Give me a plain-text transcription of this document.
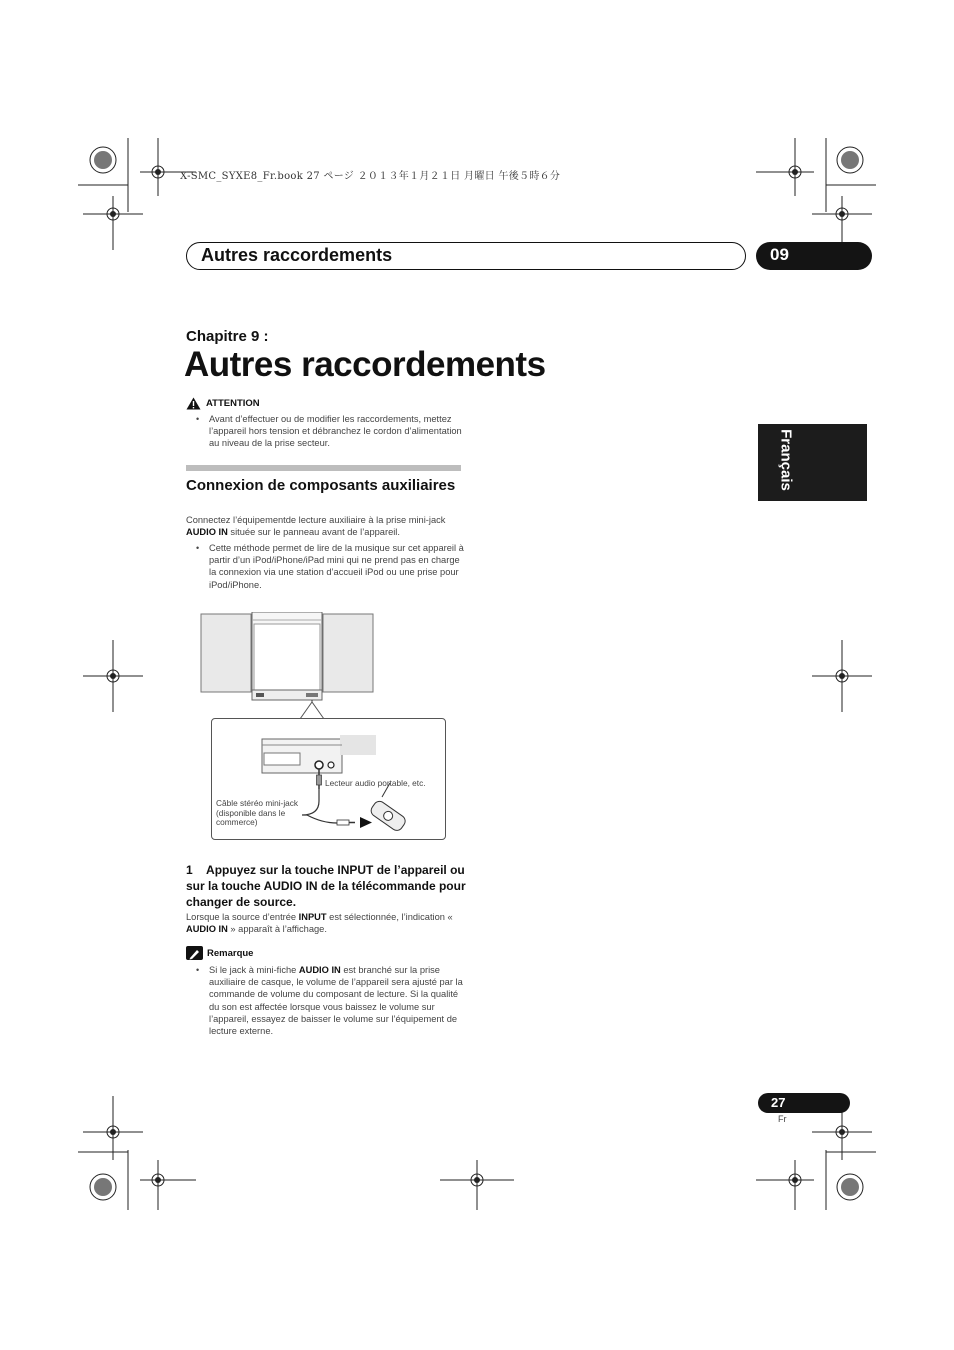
X-SMC_SYXE8_Fr.book 27 ページ ２０１３年１月２１日 月曜日 午後５時６分
Autres raccordements	09
Chapitre 9 :
Autres raccordements
Français
ATTENTION
• Avant d’effectuer ou de modifier les raccordements, mettez l’appareil hors tension et débranchez le cordon d’alimentation au niveau de la prise secteur.
Connexion de composants auxiliaires
Connectez l’équipementde lecture auxiliaire à la prise mini-jack AUDIO IN située sur le panneau avant de l’appareil.
• Cette méthode permet de lire de la musique sur cet appareil à partir d’un iPod/iPhone/iPad mini qui ne prend pas en charge la connexion via une station d’accueil iPod ou une prise pour iPod/iPhone.
Lecteur audio portable, etc.
Câble stéréo mini-jack (disponible dans le commerce)
1 Appuyez sur la touche INPUT de l’appareil ou sur la touche AUDIO IN de la télécommande pour changer de source.
Lorsque la source d’entrée INPUT est sélectionnée, l’indication « AUDIO IN » apparaît à l’affichage.
Remarque
• Si le jack à mini-fiche AUDIO IN est branché sur la prise auxiliaire de casque, le volume de l’appareil sera ajusté par la commande de volume du composant de lecture. Si la qualité du son est affectée lorsque vous baissez le volume sur l’appareil, essayez de baisser le volume sur l’équipement de lecture externe.
27
Fr
